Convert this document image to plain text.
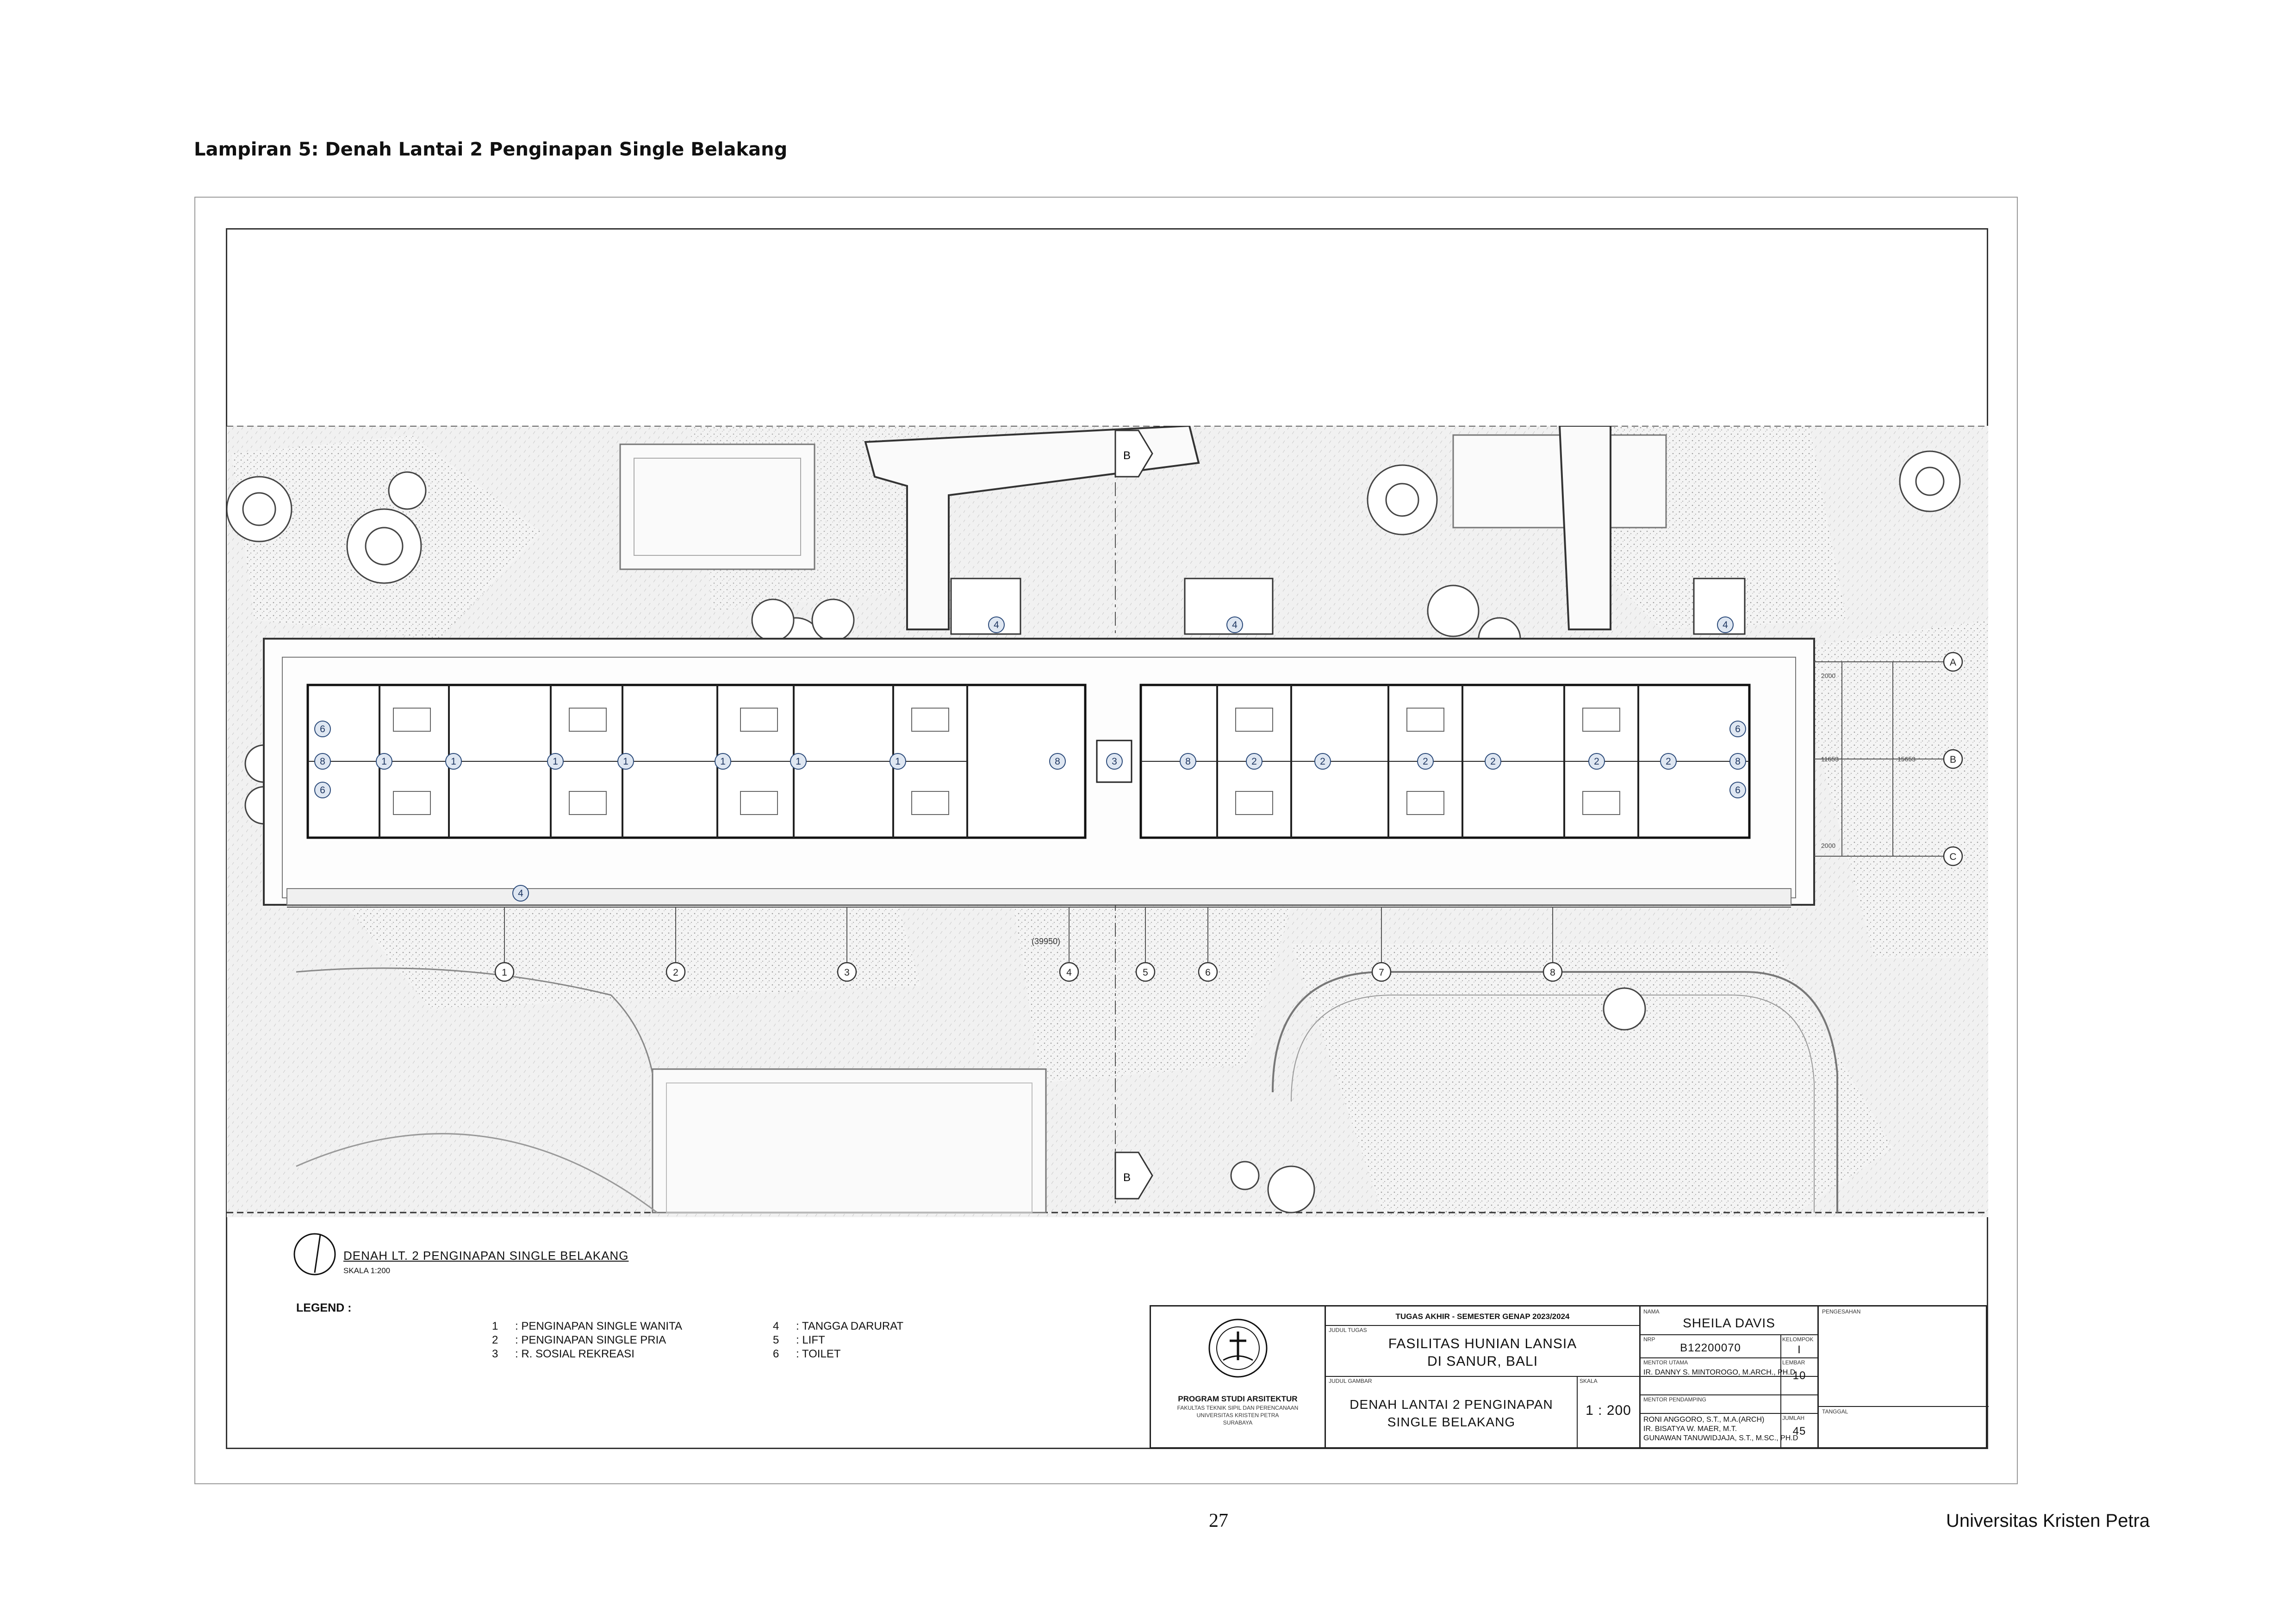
Lampiran 5: Denah Lantai 2 Penginapan Single Belakang
6
8
6
1	1	1	1	1	1	1	8	3	8	2	2	2	2	2	2
6
8
6
4
4	4	4
B
B
(39950)
1	2	3	4	5	6	7	8
A
B
C
2000
11653	15653
2000
DENAH LT. 2 PENGINAPAN SINGLE BELAKANG
SKALA 1:200
LEGEND :
1 : PENGINAPAN SINGLE WANITA
2 : PENGINAPAN SINGLE PRIA
3 : R. SOSIAL REKREASI
4 : TANGGA DARURAT
5 : LIFT
6 : TOILET
PROGRAM STUDI ARSITEKTUR
FAKULTAS TEKNIK SIPIL DAN PERENCANAAN
UNIVERSITAS KRISTEN PETRA
SURABAYA
TUGAS AKHIR - SEMESTER GENAP 2023/2024
JUDUL TUGAS
FASILITAS HUNIAN LANSIA
DI SANUR, BALI
JUDUL GAMBAR
DENAH LANTAI 2 PENGINAPAN
SINGLE BELAKANG
SKALA
1 : 200
NAMA
SHEILA DAVIS
NRP
B12200070
KELOMPOK
I
MENTOR UTAMA
IR. DANNY S. MINTOROGO, M.ARCH., PH.D
LEMBAR
10
MENTOR PENDAMPING
RONI ANGGORO, S.T., M.A.(ARCH)
IR. BISATYA W. MAER, M.T.
GUNAWAN TANUWIDJAJA, S.T., M.SC., PH.D
JUMLAH
45
PENGESAHAN
TANGGAL
27	Universitas Kristen Petra
